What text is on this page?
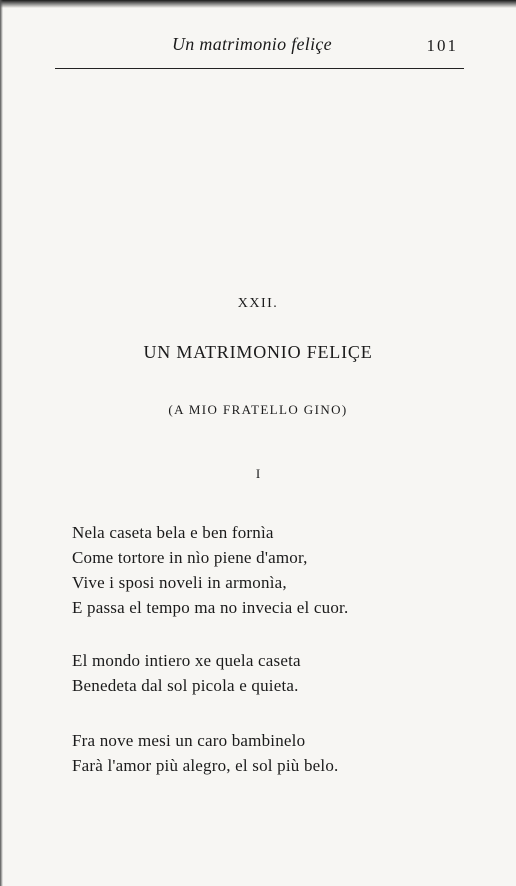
Un matrimonio feliçe	101
XXII.
UN MATRIMONIO FELIÇE
(A MIO FRATELLO GINO)
I
Nela caseta bela e ben fornìa
Come tortore in nìo piene d'amor,
Vive i sposi noveli in armonìa,
E passa el tempo ma no invecia el cuor.
El mondo intiero xe quela caseta
Benedeta dal sol picola e quieta.
Fra nove mesi un caro bambinelo
Farà l'amor più alegro, el sol più belo.
